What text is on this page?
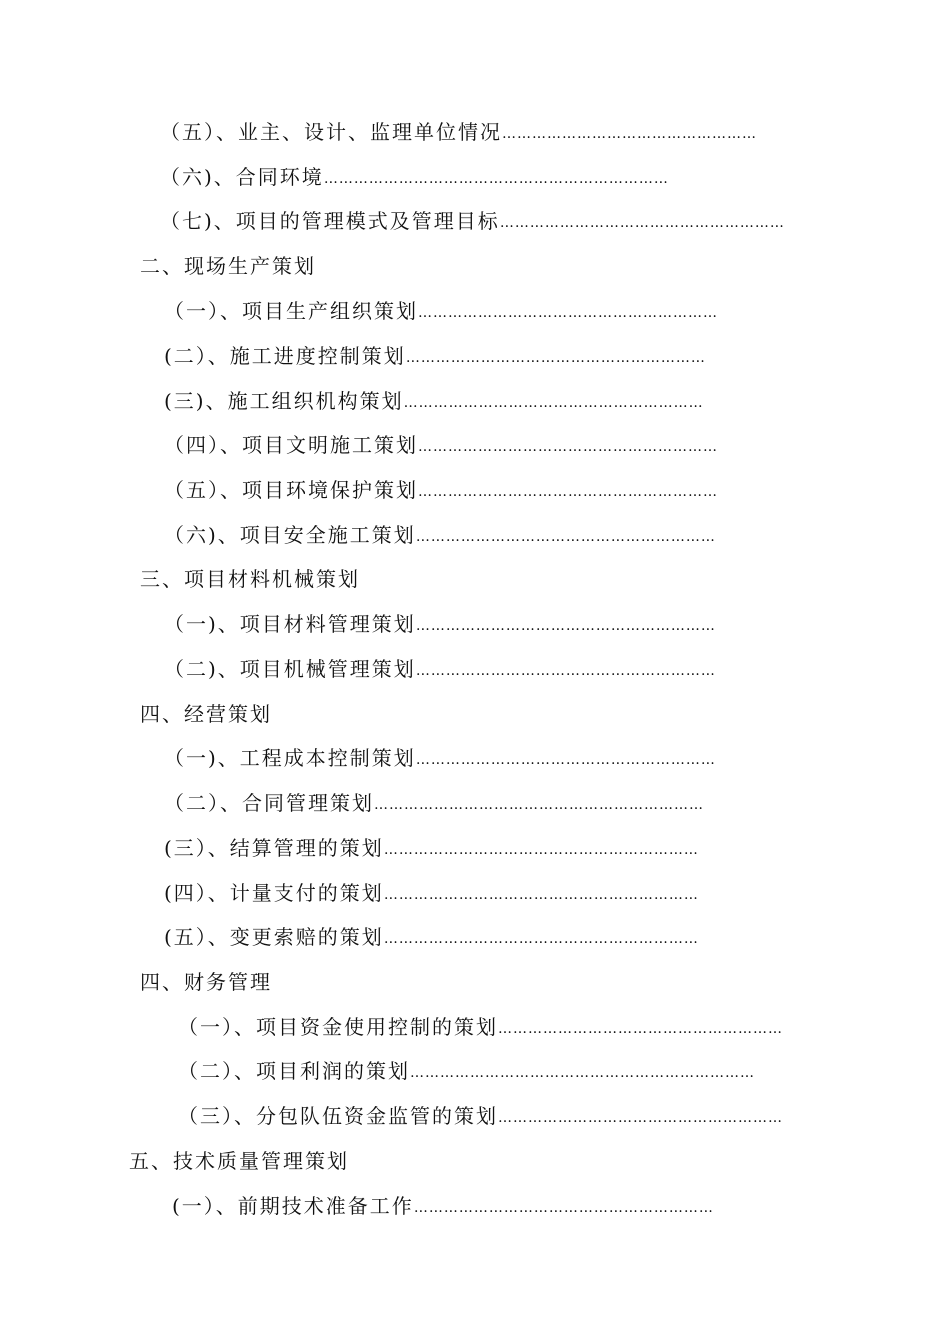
（五）、业主、设计、监理单位情况……………………………………………
（六)、合同环境……………………………………………………………
（七)、项目的管理模式及管理目标…………………………………………………
二、现场生产策划
（一）、项目生产组织策划……………………………………………………
(二）、施工进度控制策划……………………………………………………
(三)、施工组织机构策划……………………………………………………
（四）、项目文明施工策划……………………………………………………
（五）、项目环境保护策划……………………………………………………
（六)、项目安全施工策划……………………………………………………
三、项目材料机械策划
（一)、项目材料管理策划……………………………………………………
（二)、项目机械管理策划……………………………………………………
四、经营策划
（一)、工程成本控制策划……………………………………………………
（二）、合同管理策划…………………………………………………………
(三）、结算管理的策划………………………………………………………
(四）、计量支付的策划………………………………………………………
(五）、变更索赔的策划………………………………………………………
四、财务管理
（一）、项目资金使用控制的策划…………………………………………………
（二）、项目利润的策划……………………………………………………………
（三）、分包队伍资金监管的策划…………………………………………………
五、技术质量管理策划
(一）、前期技术准备工作……………………………………………………
